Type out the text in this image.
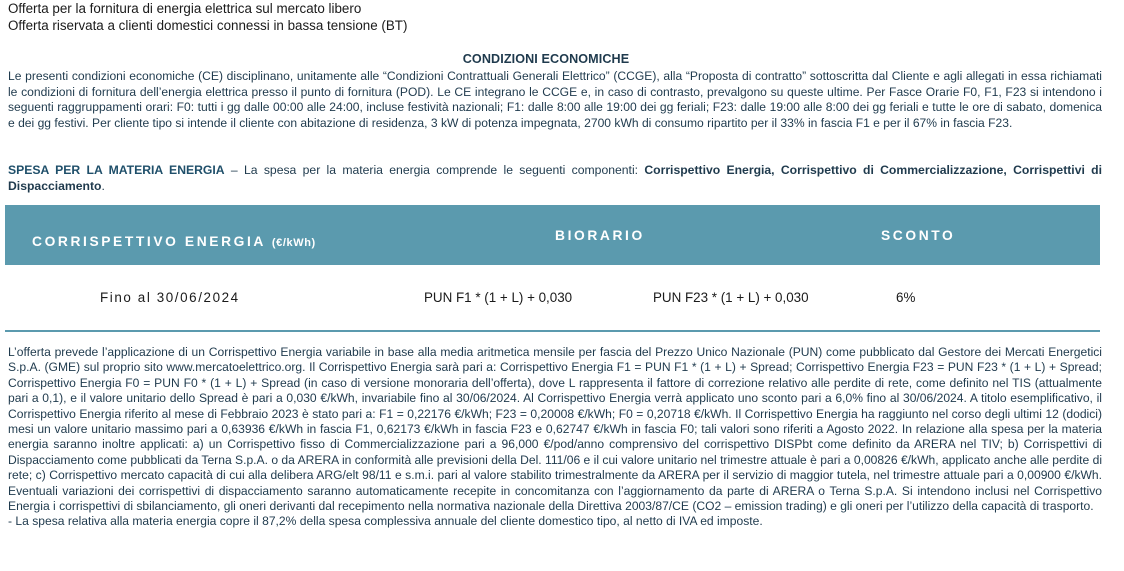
Offerta per la fornitura di energia elettrica sul mercato libero
Offerta riservata a clienti domestici connessi in bassa tensione (BT)
CONDIZIONI ECONOMICHE
Le presenti condizioni economiche (CE) disciplinano, unitamente alle “Condizioni Contrattuali Generali Elettrico” (CCGE), alla “Proposta di contratto” sottoscritta dal Cliente e agli allegati in essa richiamati le condizioni di fornitura dell’energia elettrica presso il punto di fornitura (POD). Le CE integrano le CCGE e, in caso di contrasto, prevalgono su queste ultime. Per Fasce Orarie F0, F1, F23 si intendono i seguenti raggruppamenti orari: F0: tutti i gg dalle 00:00 alle 24:00, incluse festività nazionali; F1: dalle 8:00 alle 19:00 dei gg feriali; F23: dalle 19:00 alle 8:00 dei gg feriali e tutte le ore di sabato, domenica e dei gg festivi. Per cliente tipo si intende il cliente con abitazione di residenza, 3 kW di potenza impegnata, 2700 kWh di consumo ripartito per il 33% in fascia F1 e per il 67% in fascia F23.
SPESA PER LA MATERIA ENERGIA – La spesa per la materia energia comprende le seguenti componenti: Corrispettivo Energia, Corrispettivo di Commercializzazione, Corrispettivi di Dispacciamento.
CORRISPETTIVO ENERGIA (€/kWh)	BIORARIO	SCONTO
Fino al 30/06/2024	PUN F1 * (1 + L) + 0,030	PUN F23 * (1 + L) + 0,030	6%
L’offerta prevede l’applicazione di un Corrispettivo Energia variabile in base alla media aritmetica mensile per fascia del Prezzo Unico Nazionale (PUN) come pubblicato dal Gestore dei Mercati Energetici S.p.A. (GME) sul proprio sito www.mercatoelettrico.org. Il Corrispettivo Energia sarà pari a: Corrispettivo Energia F1 = PUN F1 * (1 + L) + Spread; Corrispettivo Energia F23 = PUN F23 * (1 + L) + Spread; Corrispettivo Energia F0 = PUN F0 * (1 + L) + Spread (in caso di versione monoraria dell’offerta), dove L rappresenta il fattore di correzione relativo alle perdite di rete, come definito nel TIS (attualmente pari a 0,1), e il valore unitario dello Spread è pari a 0,030 €/kWh, invariabile fino al 30/06/2024. Al Corrispettivo Energia verrà applicato uno sconto pari a 6,0% fino al 30/06/2024. A titolo esemplificativo, il Corrispettivo Energia riferito al mese di Febbraio 2023 è stato pari a: F1 = 0,22176 €/kWh; F23 = 0,20008 €/kWh; F0 = 0,20718 €/kWh. Il Corrispettivo Energia ha raggiunto nel corso degli ultimi 12 (dodici) mesi un valore unitario massimo pari a 0,63936 €/kWh in fascia F1, 0,62173 €/kWh in fascia F23 e 0,62747 €/kWh in fascia F0; tali valori sono riferiti a Agosto 2022. In relazione alla spesa per la materia energia saranno inoltre applicati: a) un Corrispettivo fisso di Commercializzazione pari a 96,000 €/pod/anno comprensivo del corrispettivo DISPbt come definito da ARERA nel TIV; b) Corrispettivi di Dispacciamento come pubblicati da Terna S.p.A. o da ARERA in conformità alle previsioni della Del. 111/06 e il cui valore unitario nel trimestre attuale è pari a 0,00826 €/kWh, applicato anche alle perdite di rete; c) Corrispettivo mercato capacità di cui alla delibera ARG/elt 98/11 e s.m.i. pari al valore stabilito trimestralmente da ARERA per il servizio di maggior tutela, nel trimestre attuale pari a 0,00900 €/kWh. Eventuali variazioni dei corrispettivi di dispacciamento saranno automaticamente recepite in concomitanza con l’aggiornamento da parte di ARERA o Terna S.p.A. Si intendono inclusi nel Corrispettivo Energia i corrispettivi di sbilanciamento, gli oneri derivanti dal recepimento nella normativa nazionale della Direttiva 2003/87/CE (CO2 – emission trading) e gli oneri per l’utilizzo della capacità di trasporto.
- La spesa relativa alla materia energia copre il 87,2% della spesa complessiva annuale del cliente domestico tipo, al netto di IVA ed imposte.
